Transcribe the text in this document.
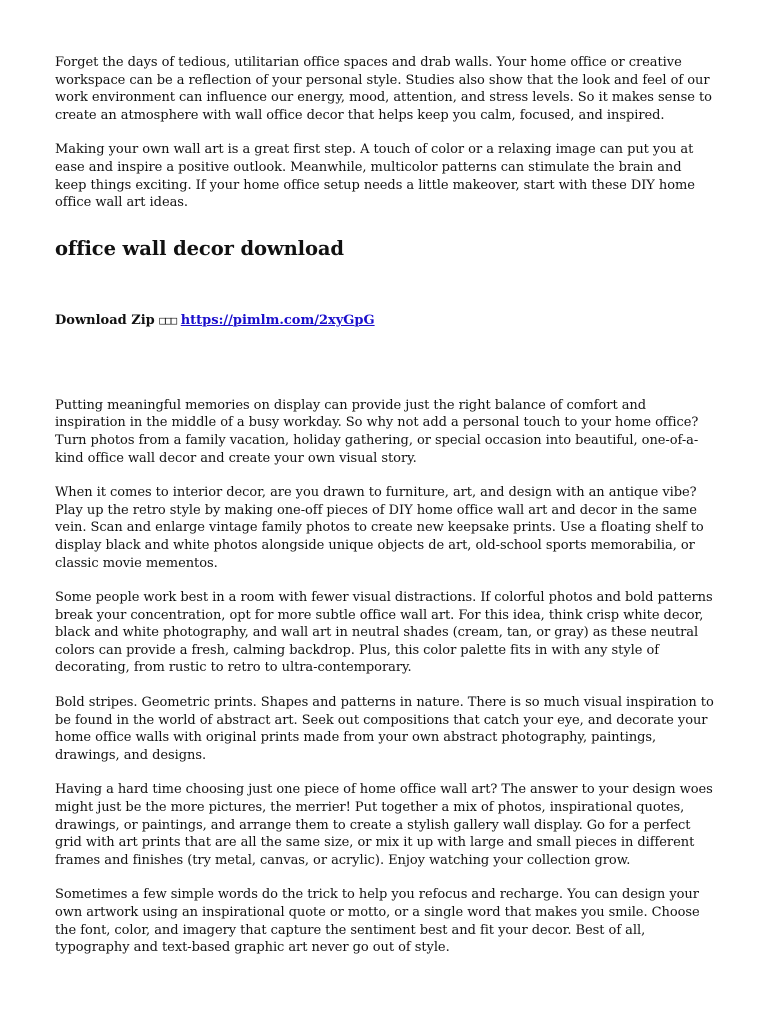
Forget the days of tedious, utilitarian office spaces and drab walls. Your home office or creative workspace can be a reflection of your personal style. Studies also show that the look and feel of our work environment can influence our energy, mood, attention, and stress levels. So it makes sense to create an atmosphere with wall office decor that helps keep you calm, focused, and inspired.

Making your own wall art is a great first step. A touch of color or a relaxing image can put you at ease and inspire a positive outlook. Meanwhile, multicolor patterns can stimulate the brain and keep things exciting. If your home office setup needs a little makeover, start with these DIY home office wall art ideas.

office wall decor download
Download Zip □□□ https://pimlm.com/2xyGpG

Putting meaningful memories on display can provide just the right balance of comfort and inspiration in the middle of a busy workday. So why not add a personal touch to your home office? Turn photos from a family vacation, holiday gathering, or special occasion into beautiful, one-of-a-kind office wall decor and create your own visual story.

When it comes to interior decor, are you drawn to furniture, art, and design with an antique vibe? Play up the retro style by making one-off pieces of DIY home office wall art and decor in the same vein. Scan and enlarge vintage family photos to create new keepsake prints. Use a floating shelf to display black and white photos alongside unique objects de art, old-school sports memorabilia, or classic movie mementos.

Some people work best in a room with fewer visual distractions. If colorful photos and bold patterns break your concentration, opt for more subtle office wall art. For this idea, think crisp white decor, black and white photography, and wall art in neutral shades (cream, tan, or gray) as these neutral colors can provide a fresh, calming backdrop. Plus, this color palette fits in with any style of decorating, from rustic to retro to ultra-contemporary.

Bold stripes. Geometric prints. Shapes and patterns in nature. There is so much visual inspiration to be found in the world of abstract art. Seek out compositions that catch your eye, and decorate your home office walls with original prints made from your own abstract photography, paintings, drawings, and designs.

Having a hard time choosing just one piece of home office wall art? The answer to your design woes might just be the more pictures, the merrier! Put together a mix of photos, inspirational quotes, drawings, or paintings, and arrange them to create a stylish gallery wall display. Go for a perfect grid with art prints that are all the same size, or mix it up with large and small pieces in different frames and finishes (try metal, canvas, or acrylic). Enjoy watching your collection grow.

Sometimes a few simple words do the trick to help you refocus and recharge. You can design your own artwork using an inspirational quote or motto, or a single word that makes you smile. Choose the font, color, and imagery that capture the sentiment best and fit your decor. Best of all, typography and text-based graphic art never go out of style.
